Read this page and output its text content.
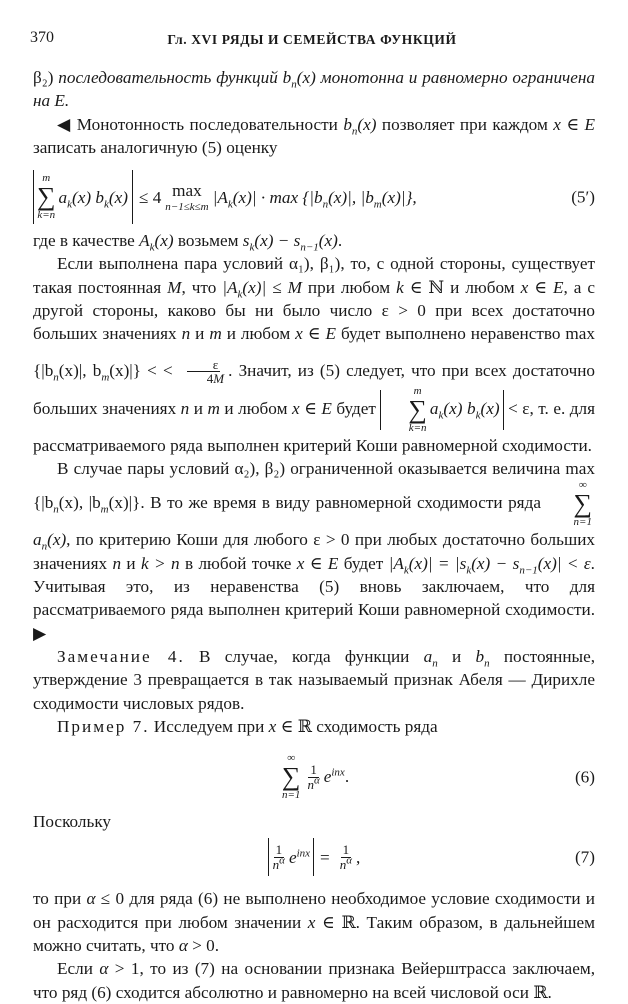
370	Гл. XVI РЯДЫ И СЕМЕЙСТВА ФУНКЦИЙ

β₂) последовательность функций $b_n(x)$ монотонна и равномерно ограничена на E.

◀ Монотонность последовательности $b_n(x)$ позволяет при каждом x ∈ E записать аналогичную (5) оценку

m
∑
k=n
$a_k(x) b_k(x) \le 4$ max
n−1≤k≤m
$|A_k(x)| \cdot \max \{|b_n(x)|$, $|b_m(x)|$},	(5′)

где в качестве $A_k(x)$ возьмем $s_k(x) - s_{n-1}(x)$.

Если выполнена пара условий α₁), β₁), то, с одной стороны, существует такая постоянная M, что $|A_k(x)| \le M$ при любом k ∈ ℕ и любом x ∈ E, а с другой стороны, каково бы ни было число ε > 0 при всех достаточно больших значениях n и m и любом x ∈ E будет выполнено неравенство $\max \{|b_n(x)|$, $b_m(x)|$} < < $\frac{\varepsilon}{4M}$ . Значит, из (5) следует, что при всех достаточно больших значениях n и m и любом x ∈ E будет
m
∑
k=n
$a_k(x) b_k(x) < \varepsilon$, т. е. для рассматриваемого ряда выполнен критерий Коши равномерной сходимости.

В случае пары условий α₂), β₂) ограниченной оказывается величина $\max \{|b_n(x)$, $|b_m(x)|$}. В то же время в виду равномерной сходимости ряда
∞
∑
n=1
$a_n(x)$, по критерию Коши для любого ε > 0 при любых достаточно больших значениях n и k > n в любой точке x ∈ E будет $|A_k(x)| = |s_k(x) - s_{n-1}(x)| < \varepsilon$. Учитывая это, из неравенства (5) вновь заключаем, что для рассматриваемого ряда выполнен критерий Коши равномерной сходимости. ▶

Замечание 4. В случае, когда функции $a_n$ и $b_n$ постоянные, утверждение 3 превращается в так называемый признак Абеля — Дирихле сходимости числовых рядов.

Пример 7. Исследуем при x ∈ ℝ сходимость ряда

∞
∑
n=1
$\frac{1}{n^\alpha} e^{inx}$ .	(6)

Поскольку

$\frac{1}{n^\alpha} e^{inx} = \frac{1}{n^\alpha}$ ,	(7)

то при α ≤ 0 для ряда (6) не выполнено необходимое условие сходимости и он расходится при любом значении x ∈ ℝ. Таким образом, в дальнейшем можно считать, что α > 0.

Если α > 1, то из (7) на основании признака Вейерштрасса заключаем, что ряд (6) сходится абсолютно и равномерно на всей числовой оси ℝ.
